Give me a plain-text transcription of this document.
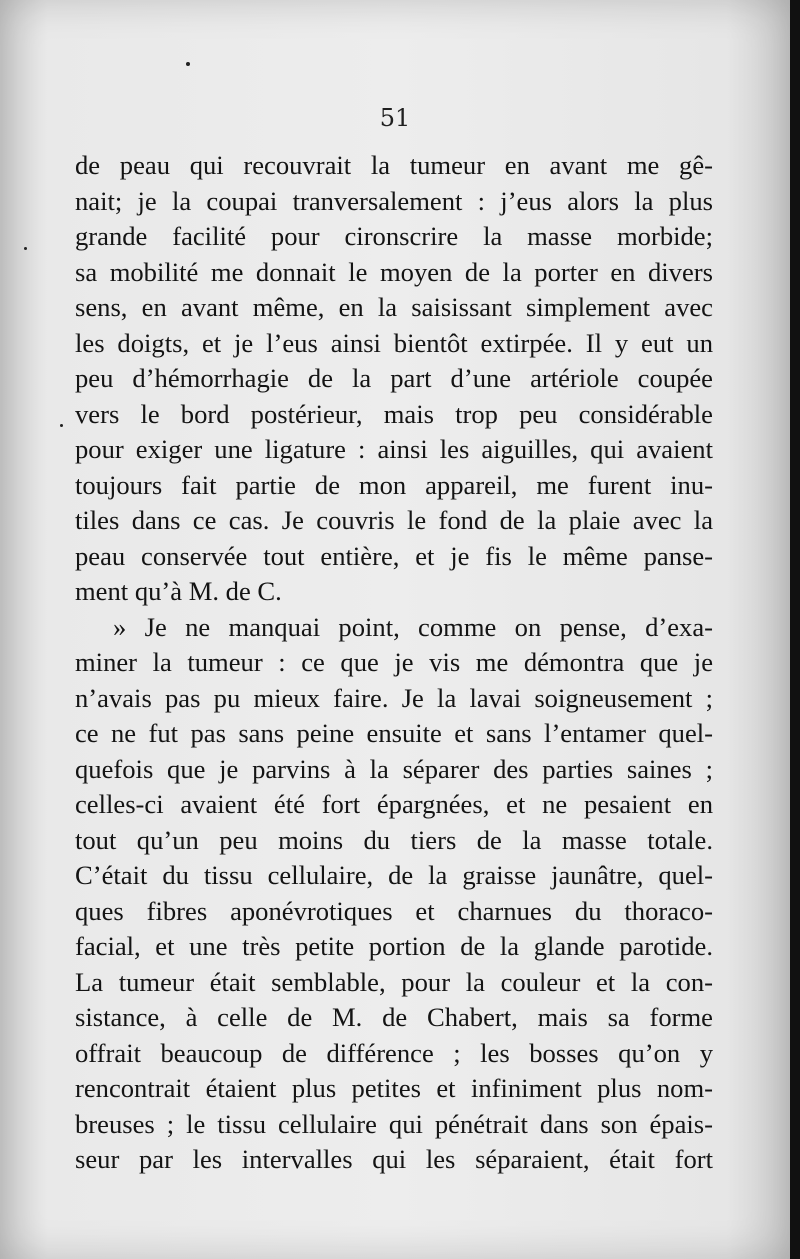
51
de peau qui recouvrait la tumeur en avant me gê-
nait; je la coupai tranversalement : j’eus alors la plus
grande facilité pour cironscrire la masse morbide;
sa mobilité me donnait le moyen de la porter en divers
sens, en avant même, en la saisissant simplement avec
les doigts, et je l’eus ainsi bientôt extirpée. Il y eut un
peu d’hémorrhagie de la part d’une artériole coupée
vers le bord postérieur, mais trop peu considérable
pour exiger une ligature : ainsi les aiguilles, qui avaient
toujours fait partie de mon appareil, me furent inu-
tiles dans ce cas. Je couvris le fond de la plaie avec la
peau conservée tout entière, et je fis le même panse-
ment qu’à M. de C.
» Je ne manquai point, comme on pense, d’exa-
miner la tumeur : ce que je vis me démontra que je
n’avais pas pu mieux faire. Je la lavai soigneusement ;
ce ne fut pas sans peine ensuite et sans l’entamer quel-
quefois que je parvins à la séparer des parties saines ;
celles-ci avaient été fort épargnées, et ne pesaient en
tout qu’un peu moins du tiers de la masse totale.
C’était du tissu cellulaire, de la graisse jaunâtre, quel-
ques fibres aponévrotiques et charnues du thoraco-
facial, et une très petite portion de la glande parotide.
La tumeur était semblable, pour la couleur et la con-
sistance, à celle de M. de Chabert, mais sa forme
offrait beaucoup de différence ; les bosses qu’on y
rencontrait étaient plus petites et infiniment plus nom-
breuses ; le tissu cellulaire qui pénétrait dans son épais-
seur par les intervalles qui les séparaient, était fort
